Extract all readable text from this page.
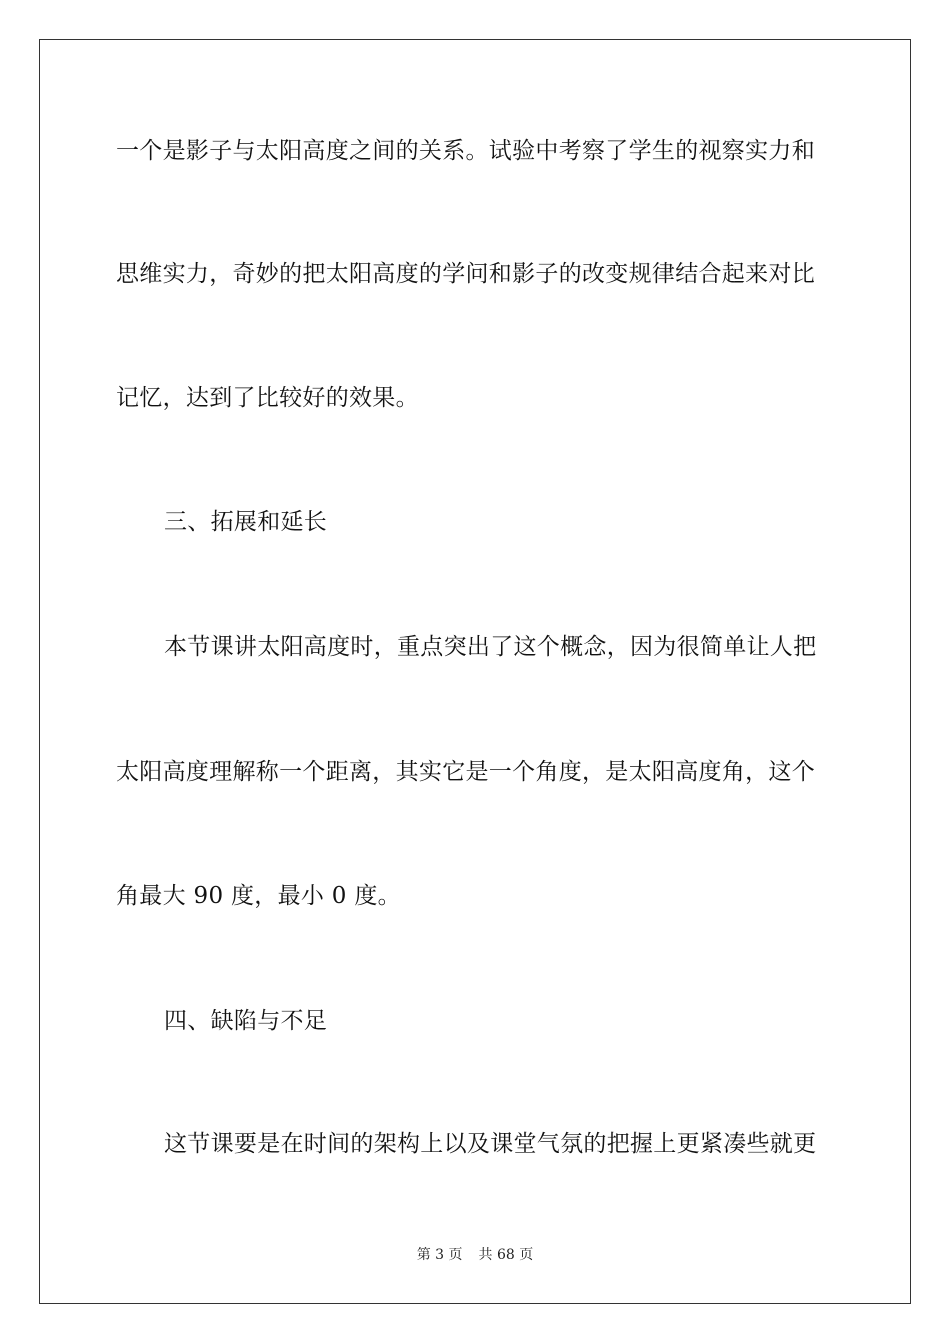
一个是影子与太阳高度之间的关系。试验中考察了学生的视察实力和
思维实力，奇妙的把太阳高度的学问和影子的改变规律结合起来对比
记忆，达到了比较好的效果。
三、拓展和延长
本节课讲太阳高度时，重点突出了这个概念，因为很简单让人把
太阳高度理解称一个距离，其实它是一个角度，是太阳高度角，这个
角最大 90 度，最小 0 度。
四、缺陷与不足
这节课要是在时间的架构上以及课堂气氛的把握上更紧凑些就更
第 3 页 共 68 页
